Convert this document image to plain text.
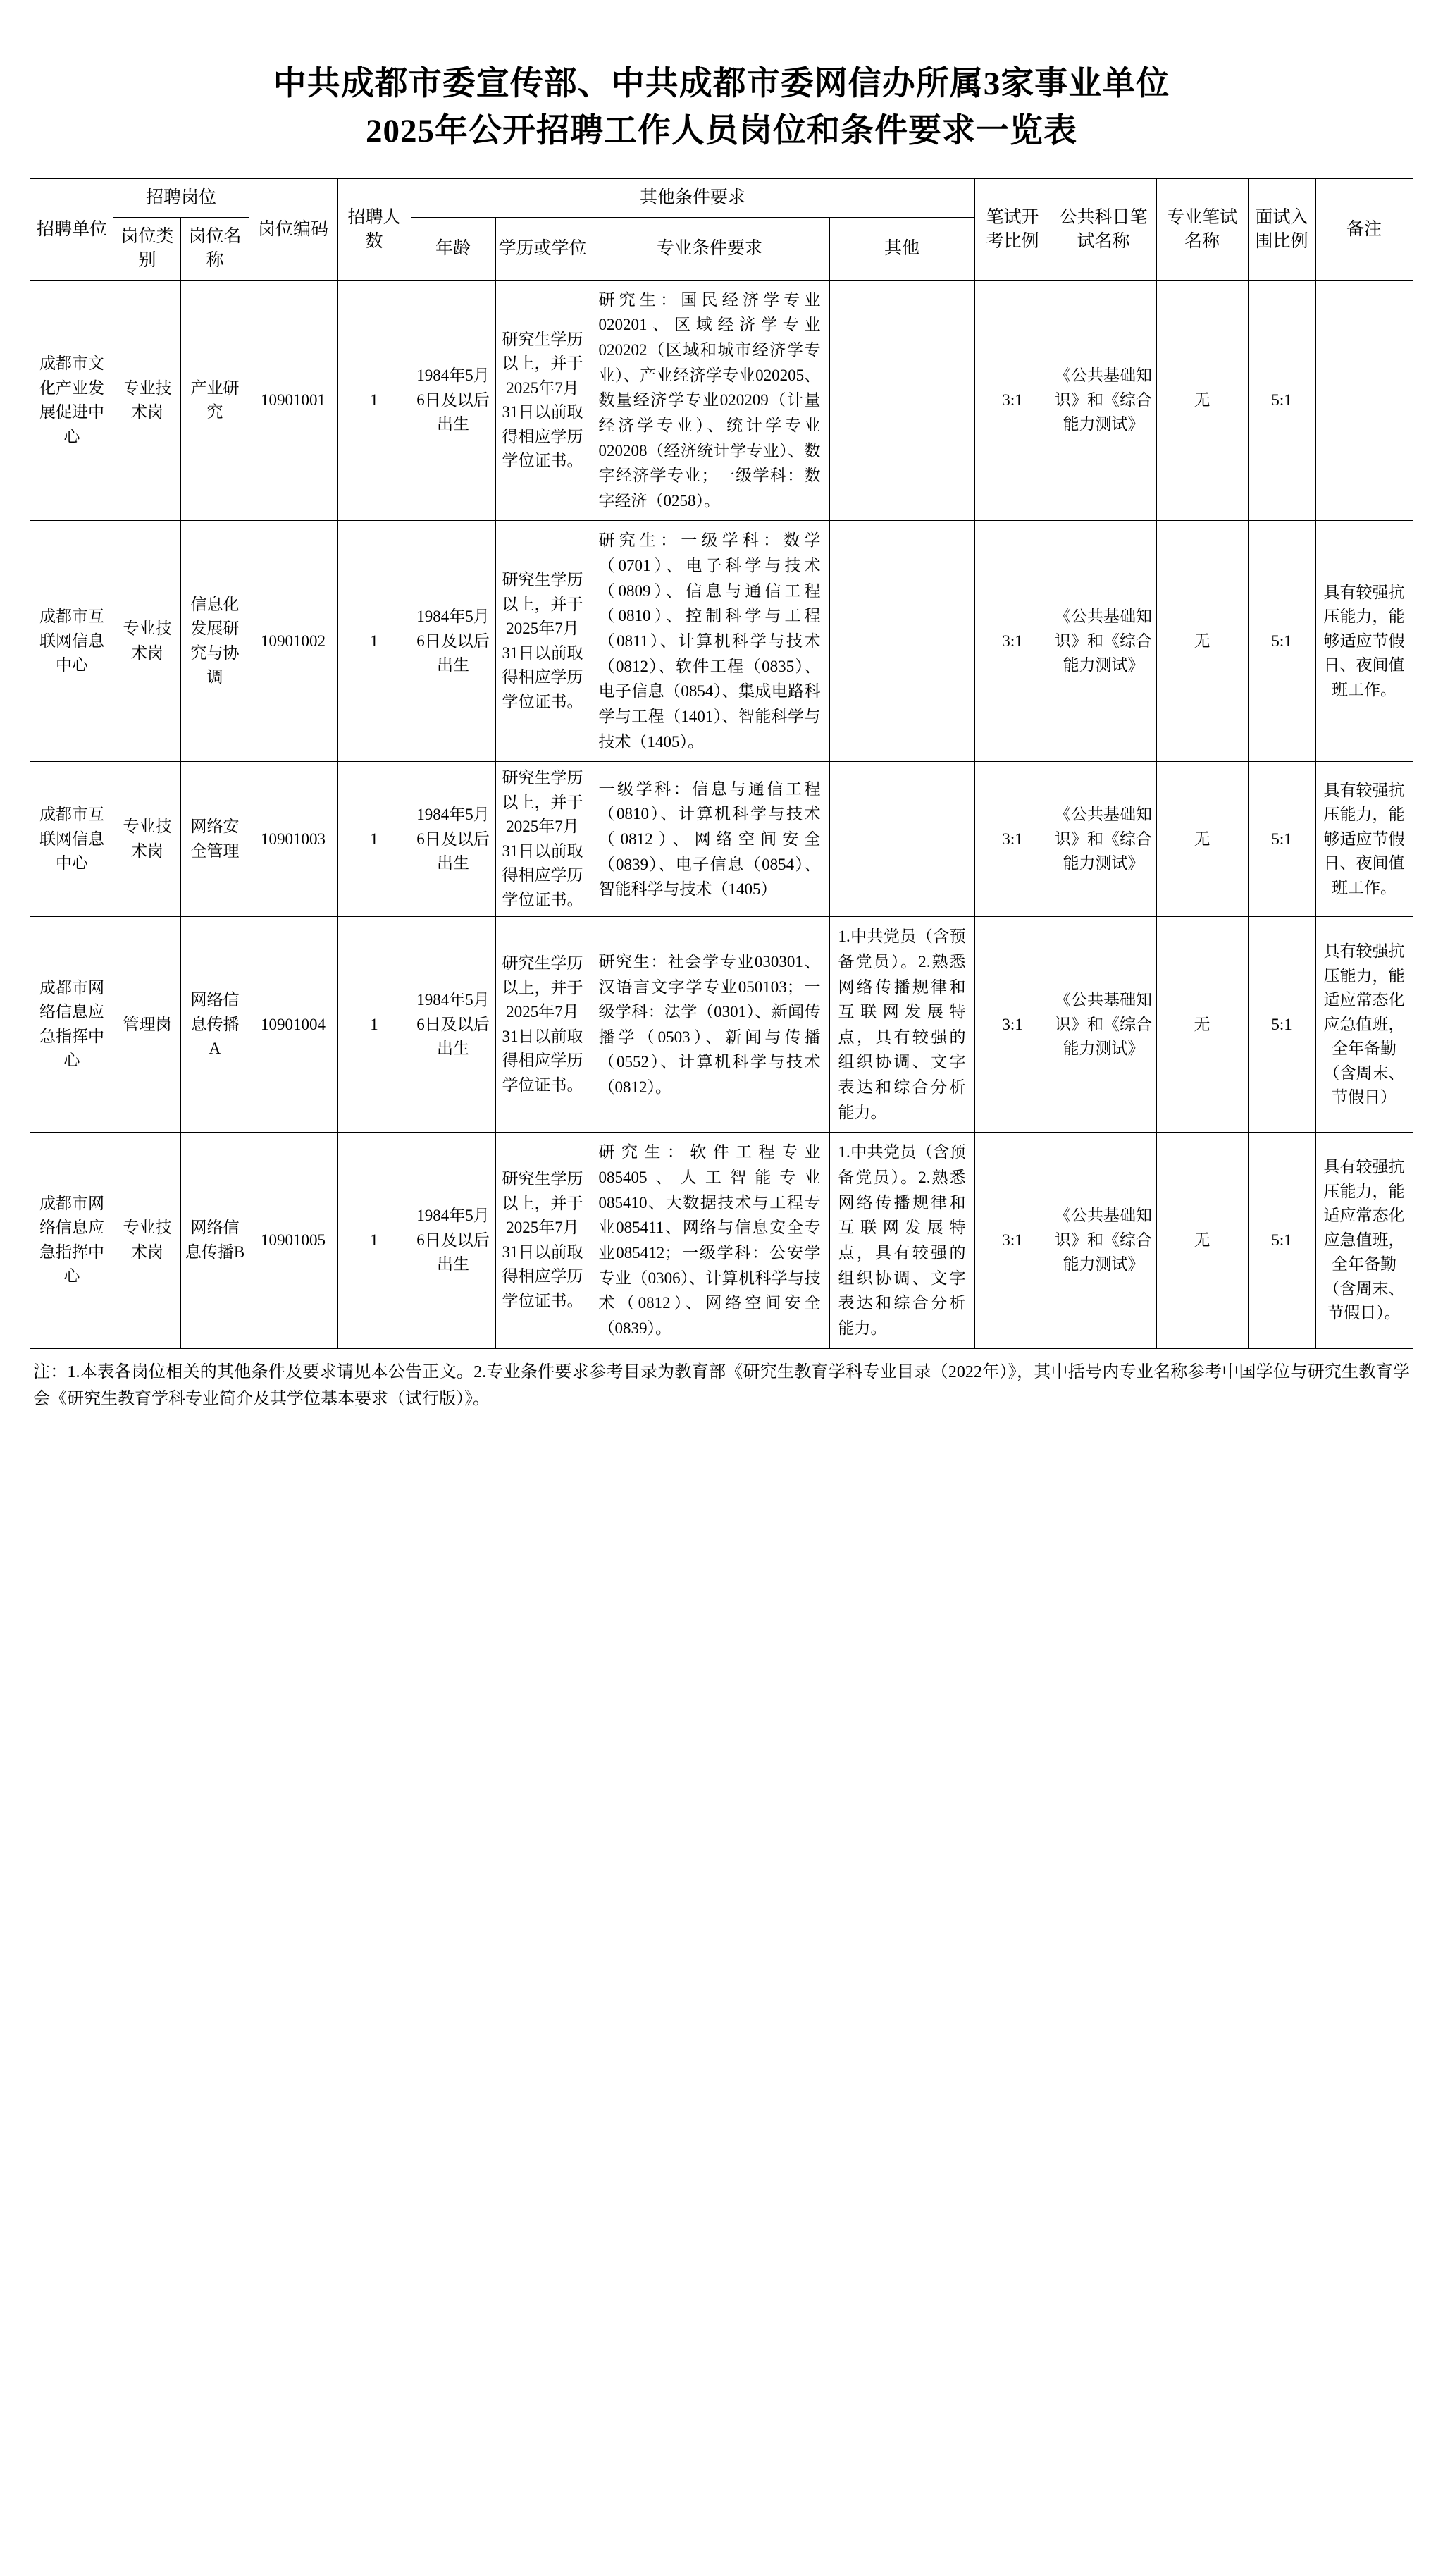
中共成都市委宣传部、中共成都市委网信办所属3家事业单位
2025年公开招聘工作人员岗位和条件要求一览表
招聘单位	招聘岗位		岗位编码	招聘人数	其他条件要求				笔试开考比例	公共科目笔试名称	专业笔试名称	面试入围比例	备注
	岗位类别	岗位名称			年龄	学历或学位	专业条件要求	其他					

成都市文化产业发展促进中心	专业技术岗	产业研究	10901001	1	1984年5月6日及以后出生	研究生学历以上，并于2025年7月31日以前取得相应学历学位证书。	研究生：国民经济学专业020201、区域经济学专业020202（区域和城市经济学专业）、产业经济学专业020205、数量经济学专业020209（计量经济学专业）、统计学专业020208（经济统计学专业）、数字经济学专业；一级学科：数字经济（0258）。		3:1	《公共基础知识》和《综合能力测试》	无	5:1	
成都市互联网信息中心	专业技术岗	信息化发展研究与协调	10901002	1	1984年5月6日及以后出生	研究生学历以上，并于2025年7月31日以前取得相应学历学位证书。	研究生：一级学科：数学（0701）、电子科学与技术（0809）、信息与通信工程（0810）、控制科学与工程（0811）、计算机科学与技术（0812）、软件工程（0835）、电子信息（0854）、集成电路科学与工程（1401）、智能科学与技术（1405）。		3:1	《公共基础知识》和《综合能力测试》	无	5:1	具有较强抗压能力，能够适应节假日、夜间值班工作。
成都市互联网信息中心	专业技术岗	网络安全管理	10901003	1	1984年5月6日及以后出生	研究生学历以上，并于2025年7月31日以前取得相应学历学位证书。	一级学科：信息与通信工程（0810）、计算机科学与技术（0812）、网络空间安全（0839）、电子信息（0854）、智能科学与技术（1405）		3:1	《公共基础知识》和《综合能力测试》	无	5:1	具有较强抗压能力，能够适应节假日、夜间值班工作。
成都市网络信息应急指挥中心	管理岗	网络信息传播A	10901004	1	1984年5月6日及以后出生	研究生学历以上，并于2025年7月31日以前取得相应学历学位证书。	研究生：社会学专业030301、汉语言文字学专业050103；一级学科：法学（0301）、新闻传播学（0503）、新闻与传播（0552）、计算机科学与技术（0812）。	1.中共党员（含预备党员）。2.熟悉网络传播规律和互联网发展特点，具有较强的组织协调、文字表达和综合分析能力。	3:1	《公共基础知识》和《综合能力测试》	无	5:1	具有较强抗压能力，能适应常态化应急值班，全年备勤（含周末、节假日）
成都市网络信息应急指挥中心	专业技术岗	网络信息传播B	10901005	1	1984年5月6日及以后出生	研究生学历以上，并于2025年7月31日以前取得相应学历学位证书。	研究生：软件工程专业085405、人工智能专业085410、大数据技术与工程专业085411、网络与信息安全专业085412；一级学科：公安学专业（0306）、计算机科学与技术（0812）、网络空间安全（0839）。	1.中共党员（含预备党员）。2.熟悉网络传播规律和互联网发展特点，具有较强的组织协调、文字表达和综合分析能力。	3:1	《公共基础知识》和《综合能力测试》	无	5:1	具有较强抗压能力，能适应常态化应急值班，全年备勤（含周末、节假日）。
注：1.本表各岗位相关的其他条件及要求请见本公告正文。2.专业条件要求参考目录为教育部《研究生教育学科专业目录（2022年）》，其中括号内专业名称参考中国学位与研究生教育学会《研究生教育学科专业简介及其学位基本要求（试行版）》。
